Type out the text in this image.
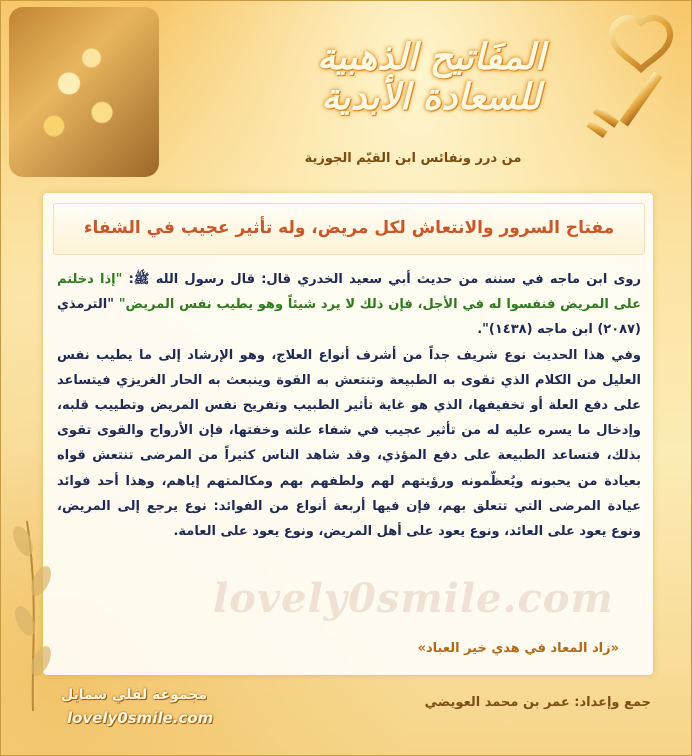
المفَاتيح الذهبية
للسعادة الأبدية
من درر ونفائس ابن القيّم الجوزية
مفتاح السرور والانتعاش لكل مريض، وله تأثير عجيب في الشفاء
lovely0smile.com
روى ابن ماجه في سننه من حديث أبي سعيد الخدري قال: قال رسول الله ﷺ: "إذا دخلتم على المريض فنفسوا له في الأجل، فإن ذلك لا يرد شيئاً وهو يطيب نفس المريض" "الترمذي (٢٠٨٧) ابن ماجه (١٤٣٨)".
وفي هذا الحديث نوع شريف جداً من أشرف أنواع العلاج، وهو الإرشاد إلى ما يطيب نفس العليل من الكلام الذي تقوى به الطبيعة وتنتعش به القوة وينبعث به الحار الغريزي فيتساعد على دفع العلة أو تخفيفها، الذي هو غاية تأثير الطبيب وتفريح نفس المريض وتطييب قلبه، وإدخال ما يسره عليه له من تأثير عجيب في شفاء علته وخفتها، فإن الأرواح والقوى تقوى بذلك، فتساعد الطبيعة على دفع المؤذي، وقد شاهد الناس كثيراً من المرضى تنتعش قواه بعيادة من يحبونه ويُعظّمونه ورؤيتهم لهم ولطفهم بهم ومكالمتهم إياهم، وهذا أحد فوائد عيادة المرضى التي تتعلق بهم، فإن فيها أربعة أنواع من الفوائد: نوع يرجع إلى المريض، ونوع يعود على العائد، ونوع يعود على أهل المريض، ونوع يعود على العامة.
«زاد المعاد في هدي خير العباد»
جمع وإعداد: عمر بن محمد العويضي
مجموعة لفلي سمايل
lovely0smile.com
